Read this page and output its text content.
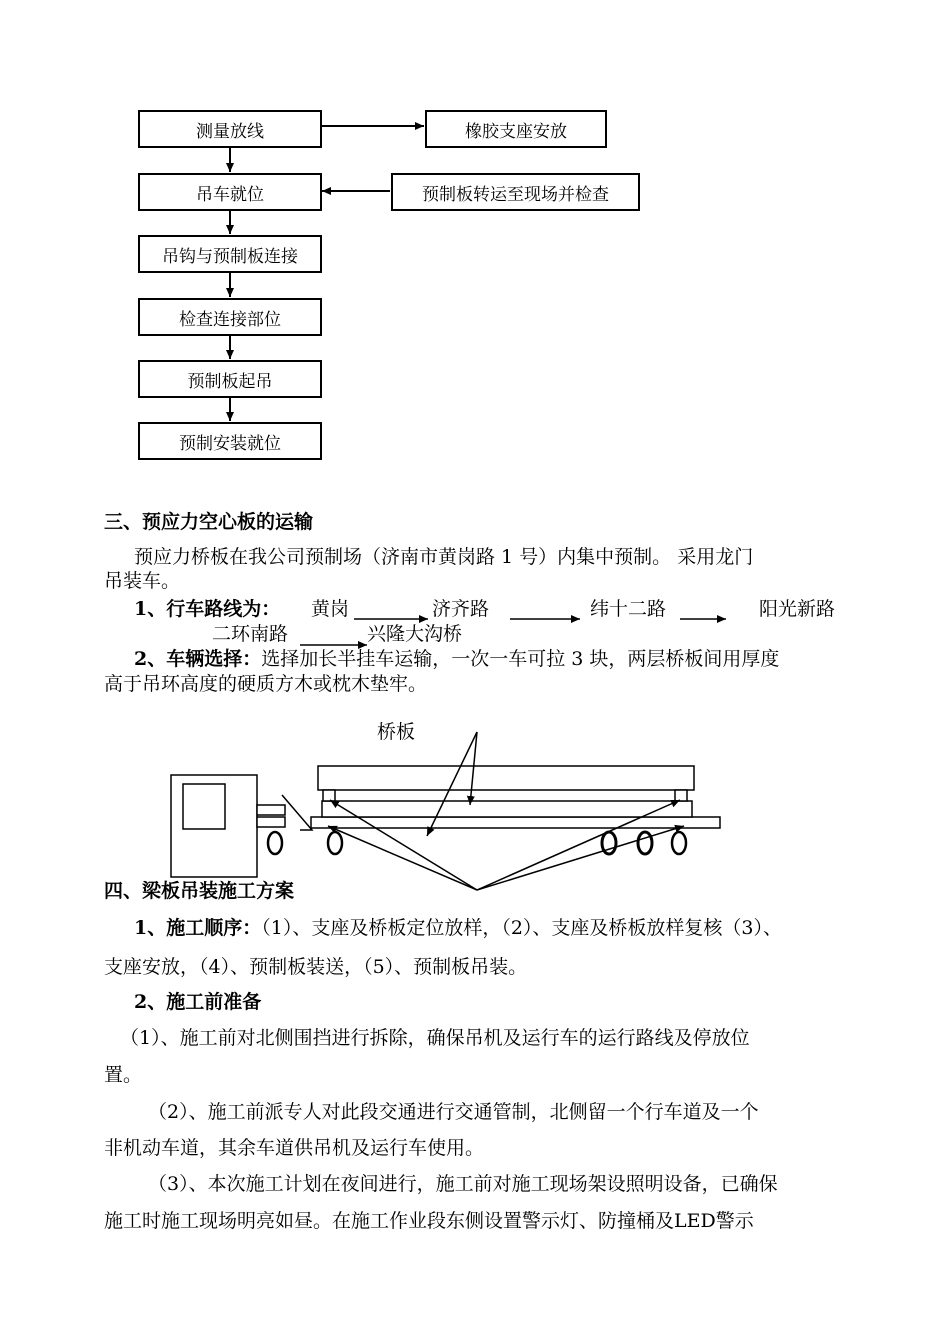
测量放线
吊车就位
吊钩与预制板连接
检查连接部位
预制板起吊
预制安装就位
橡胶支座安放
预制板转运至现场并检查
三、预应力空心板的运输
预应力桥板在我公司预制场（济南市黄岗路 1 号）内集中预制。 采用龙门
吊装车。
1、行车路线为： 黄岗	济齐路	纬十二路	阳光新路
二环南路	兴隆大沟桥
2、车辆选择：选择加长半挂车运输，一次一车可拉 3 块，两层桥板间用厚度
高于吊环高度的硬质方木或枕木垫牢。
桥板
四、梁板吊装施工方案
1、施工顺序：（1）、支座及桥板定位放样，（2）、支座及桥板放样复核（3）、
支座安放，（4）、预制板装送，（5）、预制板吊装。
2、施工前准备
（1）、施工前对北侧围挡进行拆除，确保吊机及运行车的运行路线及停放位
置。
（2）、施工前派专人对此段交通进行交通管制，北侧留一个行车道及一个
非机动车道，其余车道供吊机及运行车使用。
（3）、本次施工计划在夜间进行，施工前对施工现场架设照明设备，已确保
施工时施工现场明亮如昼。在施工作业段东侧设置警示灯、防撞桶及LED警示
